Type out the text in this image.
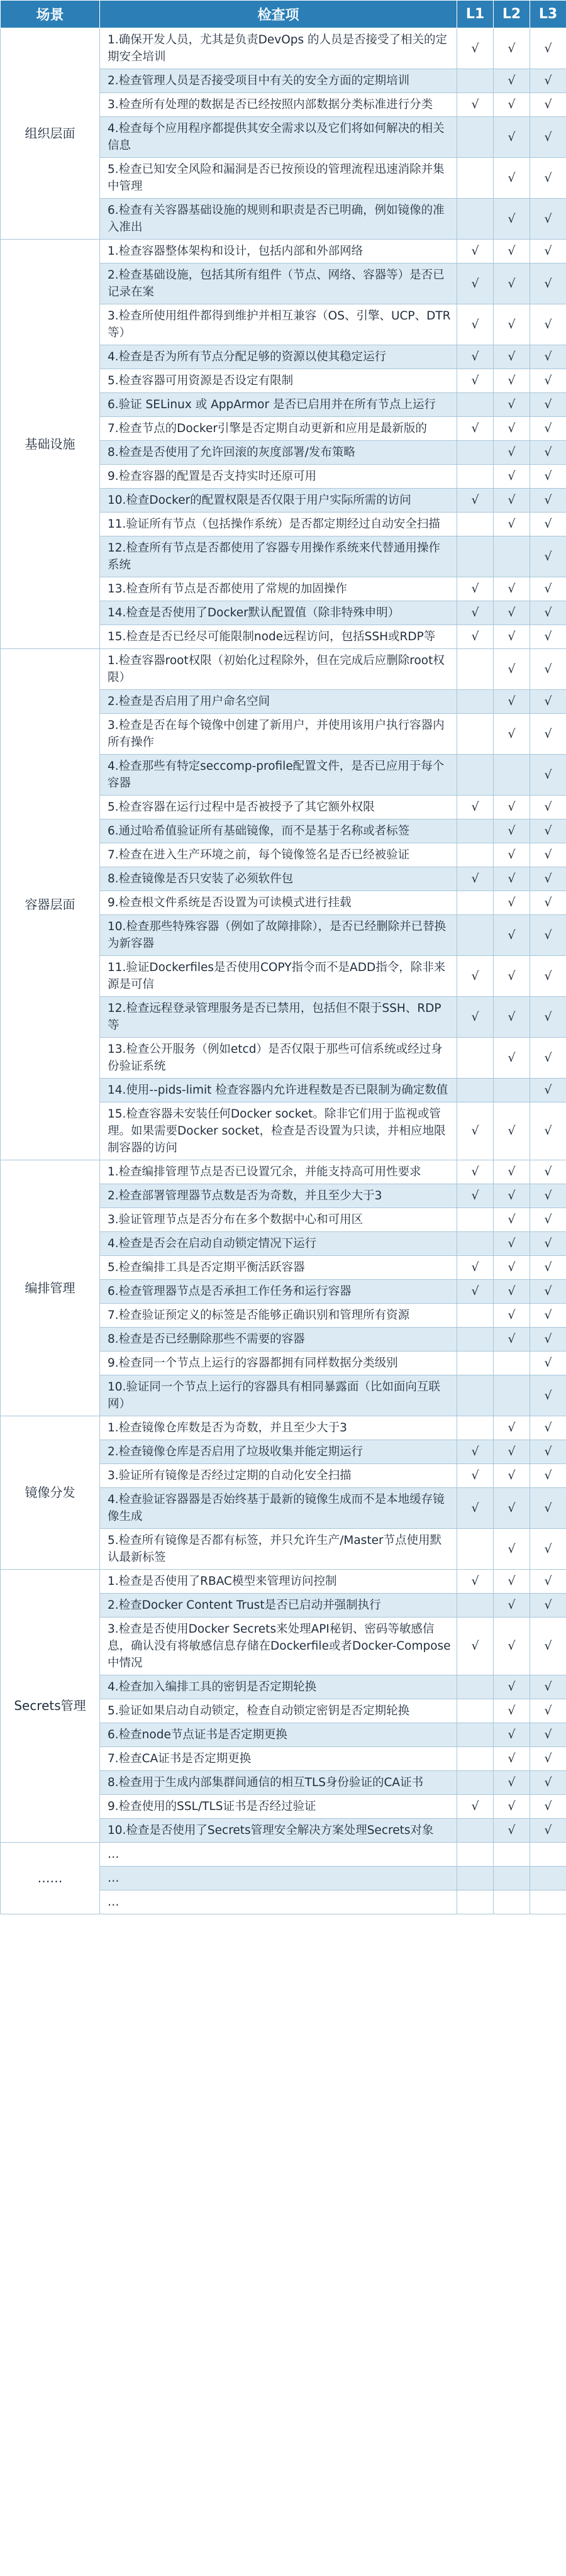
场景	检查项	L1	L2	L3
组织层面	1.确保开发人员，尤其是负责DevOps 的人员是否接受了相关的定期安全培训	√	√	√
	2.检查管理人员是否接受项目中有关的安全方面的定期培训		√	√
	3.检查所有处理的数据是否已经按照内部数据分类标准进行分类	√	√	√
	4.检查每个应用程序都提供其安全需求以及它们将如何解决的相关信息		√	√
	5.检查已知安全风险和漏洞是否已按预设的管理流程迅速消除并集中管理		√	√
	6.检查有关容器基础设施的规则和职责是否已明确，例如镜像的准入准出		√	√
基础设施	1.检查容器整体架构和设计，包括内部和外部网络	√	√	√
	2.检查基础设施，包括其所有组件（节点、网络、容器等）是否已记录在案	√	√	√
	3.检查所使用组件都得到维护并相互兼容（OS、引擎、UCP、DTR 等）	√	√	√
	4.检查是否为所有节点分配足够的资源以使其稳定运行	√	√	√
	5.检查容器可用资源是否设定有限制	√	√	√
	6.验证 SELinux 或 AppArmor 是否已启用并在所有节点上运行		√	√
	7.检查节点的Docker引擎是否定期自动更新和应用是最新版的	√	√	√
	8.检查是否使用了允许回滚的灰度部署/发布策略		√	√
	9.检查容器的配置是否支持实时还原可用		√	√
	10.检查Docker的配置权限是否仅限于用户实际所需的访问	√	√	√
	11.验证所有节点（包括操作系统）是否都定期经过自动安全扫描		√	√
	12.检查所有节点是否都使用了容器专用操作系统来代替通用操作系统			√
	13.检查所有节点是否都使用了常规的加固操作	√	√	√
	14.检查是否使用了Docker默认配置值（除非特殊申明）	√	√	√
	15.检查是否已经尽可能限制node远程访问，包括SSH或RDP等	√	√	√
容器层面	1.检查容器root权限（初始化过程除外，但在完成后应删除root权限）		√	√
	2.检查是否启用了用户命名空间		√	√
	3.检查是否在每个镜像中创建了新用户，并使用该用户执行容器内所有操作		√	√
	4.检查那些有特定seccomp-profile配置文件，是否已应用于每个容器			√
	5.检查容器在运行过程中是否被授予了其它额外权限	√	√	√
	6.通过哈希值验证所有基础镜像，而不是基于名称或者标签		√	√
	7.检查在进入生产环境之前，每个镜像签名是否已经被验证		√	√
	8.检查镜像是否只安装了必须软件包	√	√	√
	9.检查根文件系统是否设置为可读模式进行挂载		√	√
	10.检查那些特殊容器（例如了故障排除），是否已经删除并已替换为新容器		√	√
	11.验证Dockerfiles是否使用COPY指令而不是ADD指令，除非来源是可信	√	√	√
	12.检查远程登录管理服务是否已禁用，包括但不限于SSH、RDP等	√	√	√
	13.检查公开服务（例如etcd）是否仅限于那些可信系统或经过身份验证系统		√	√
	14.使用--pids-limit 检查容器内允许进程数是否已限制为确定数值			√
	15.检查容器未安装任何Docker socket。除非它们用于监视或管理。如果需要Docker socket，检查是否设置为只读，并相应地限制容器的访问	√	√	√
编排管理	1.检查编排管理节点是否已设置冗余，并能支持高可用性要求	√	√	√
	2.检查部署管理器节点数是否为奇数，并且至少大于3	√	√	√
	3.验证管理节点是否分布在多个数据中心和可用区		√	√
	4.检查是否会在启动自动锁定情况下运行		√	√
	5.检查编排工具是否定期平衡活跃容器	√	√	√
	6.检查管理器节点是否承担工作任务和运行容器	√	√	√
	7.检查验证预定义的标签是否能够正确识别和管理所有资源		√	√
	8.检查是否已经删除那些不需要的容器		√	√
	9.检查同一个节点上运行的容器都拥有同样数据分类级别			√
	10.验证同一个节点上运行的容器具有相同暴露面（比如面向互联网）			√
镜像分发	1.检查镜像仓库数是否为奇数，并且至少大于3		√	√
	2.检查镜像仓库是否启用了垃圾收集并能定期运行	√	√	√
	3.验证所有镜像是否经过定期的自动化安全扫描	√	√	√
	4.检查验证容器器是否始终基于最新的镜像生成而不是本地缓存镜像生成	√	√	√
	5.检查所有镜像是否都有标签，并只允许生产/Master节点使用默认最新标签		√	√
Secrets管理	1.检查是否使用了RBAC模型来管理访问控制	√	√	√
	2.检查Docker Content Trust是否已启动并强制执行		√	√
	3.检查是否使用Docker Secrets来处理API秘钥、密码等敏感信息，确认没有将敏感信息存储在Dockerfile或者Docker-Compose中情况	√	√	√
	4.检查加入编排工具的密钥是否定期轮换		√	√
	5.验证如果启动自动锁定，检查自动锁定密钥是否定期轮换		√	√
	6.检查node节点证书是否定期更换		√	√
	7.检查CA证书是否定期更换		√	√
	8.检查用于生成内部集群间通信的相互TLS身份验证的CA证书		√	√
	9.检查使用的SSL/TLS证书是否经过验证	√	√	√
	10.检查是否使用了Secrets管理安全解决方案处理Secrets对象		√	√
……	…			
	…			
	…			
